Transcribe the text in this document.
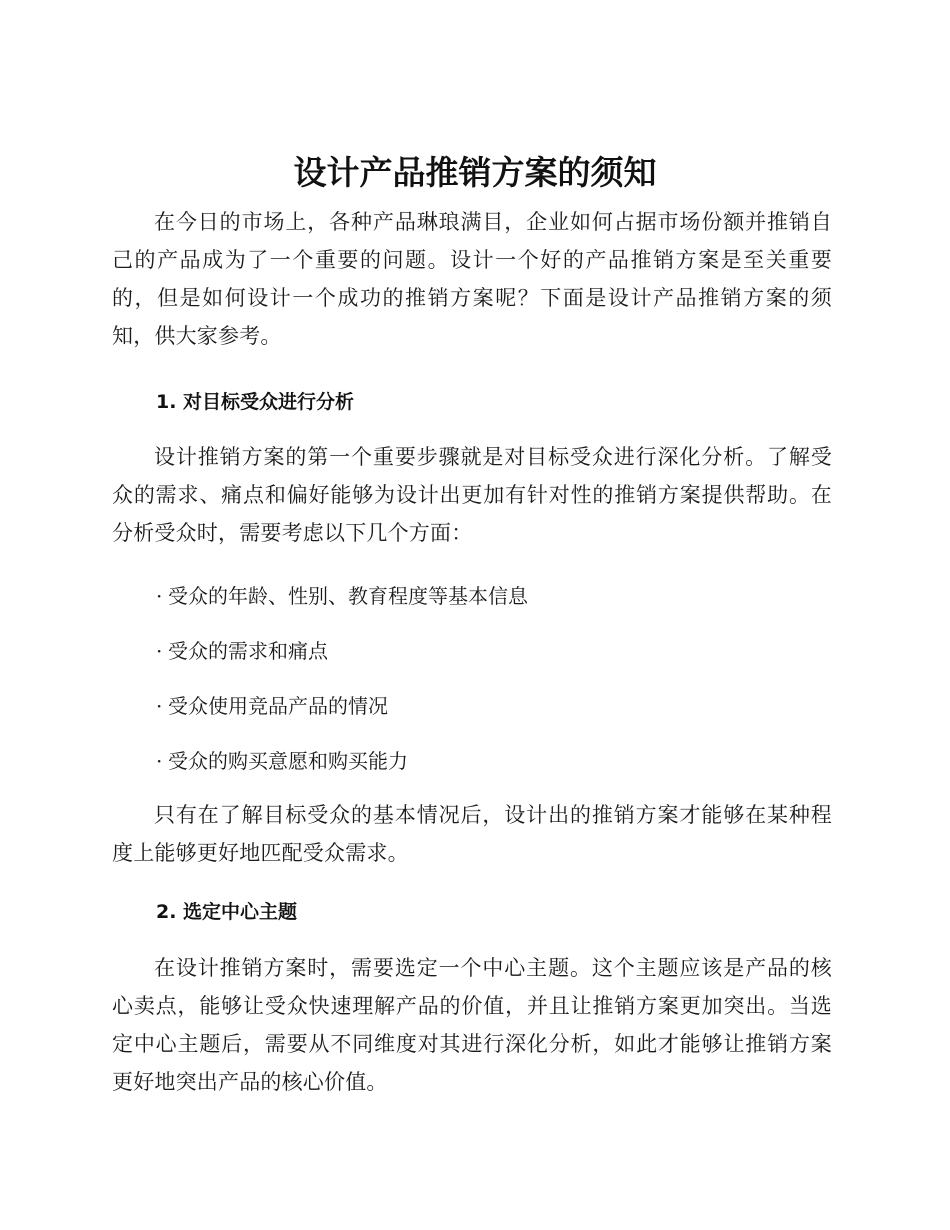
设计产品推销方案的须知

在今日的市场上，各种产品琳琅满目，企业如何占据市场份额并推销自己的产品成为了一个重要的问题。设计一个好的产品推销方案是至关重要的，但是如何设计一个成功的推销方案呢？下面是设计产品推销方案的须知，供大家参考。

1. 对目标受众进行分析

设计推销方案的第一个重要步骤就是对目标受众进行深化分析。了解受众的需求、痛点和偏好能够为设计出更加有针对性的推销方案提供帮助。在分析受众时，需要考虑以下几个方面：

· 受众的年龄、性别、教育程度等基本信息
· 受众的需求和痛点
· 受众使用竞品产品的情况
· 受众的购买意愿和购买能力

只有在了解目标受众的基本情况后，设计出的推销方案才能够在某种程度上能够更好地匹配受众需求。

2. 选定中心主题

在设计推销方案时，需要选定一个中心主题。这个主题应该是产品的核心卖点，能够让受众快速理解产品的价值，并且让推销方案更加突出。当选定中心主题后，需要从不同维度对其进行深化分析，如此才能够让推销方案更好地突出产品的核心价值。
